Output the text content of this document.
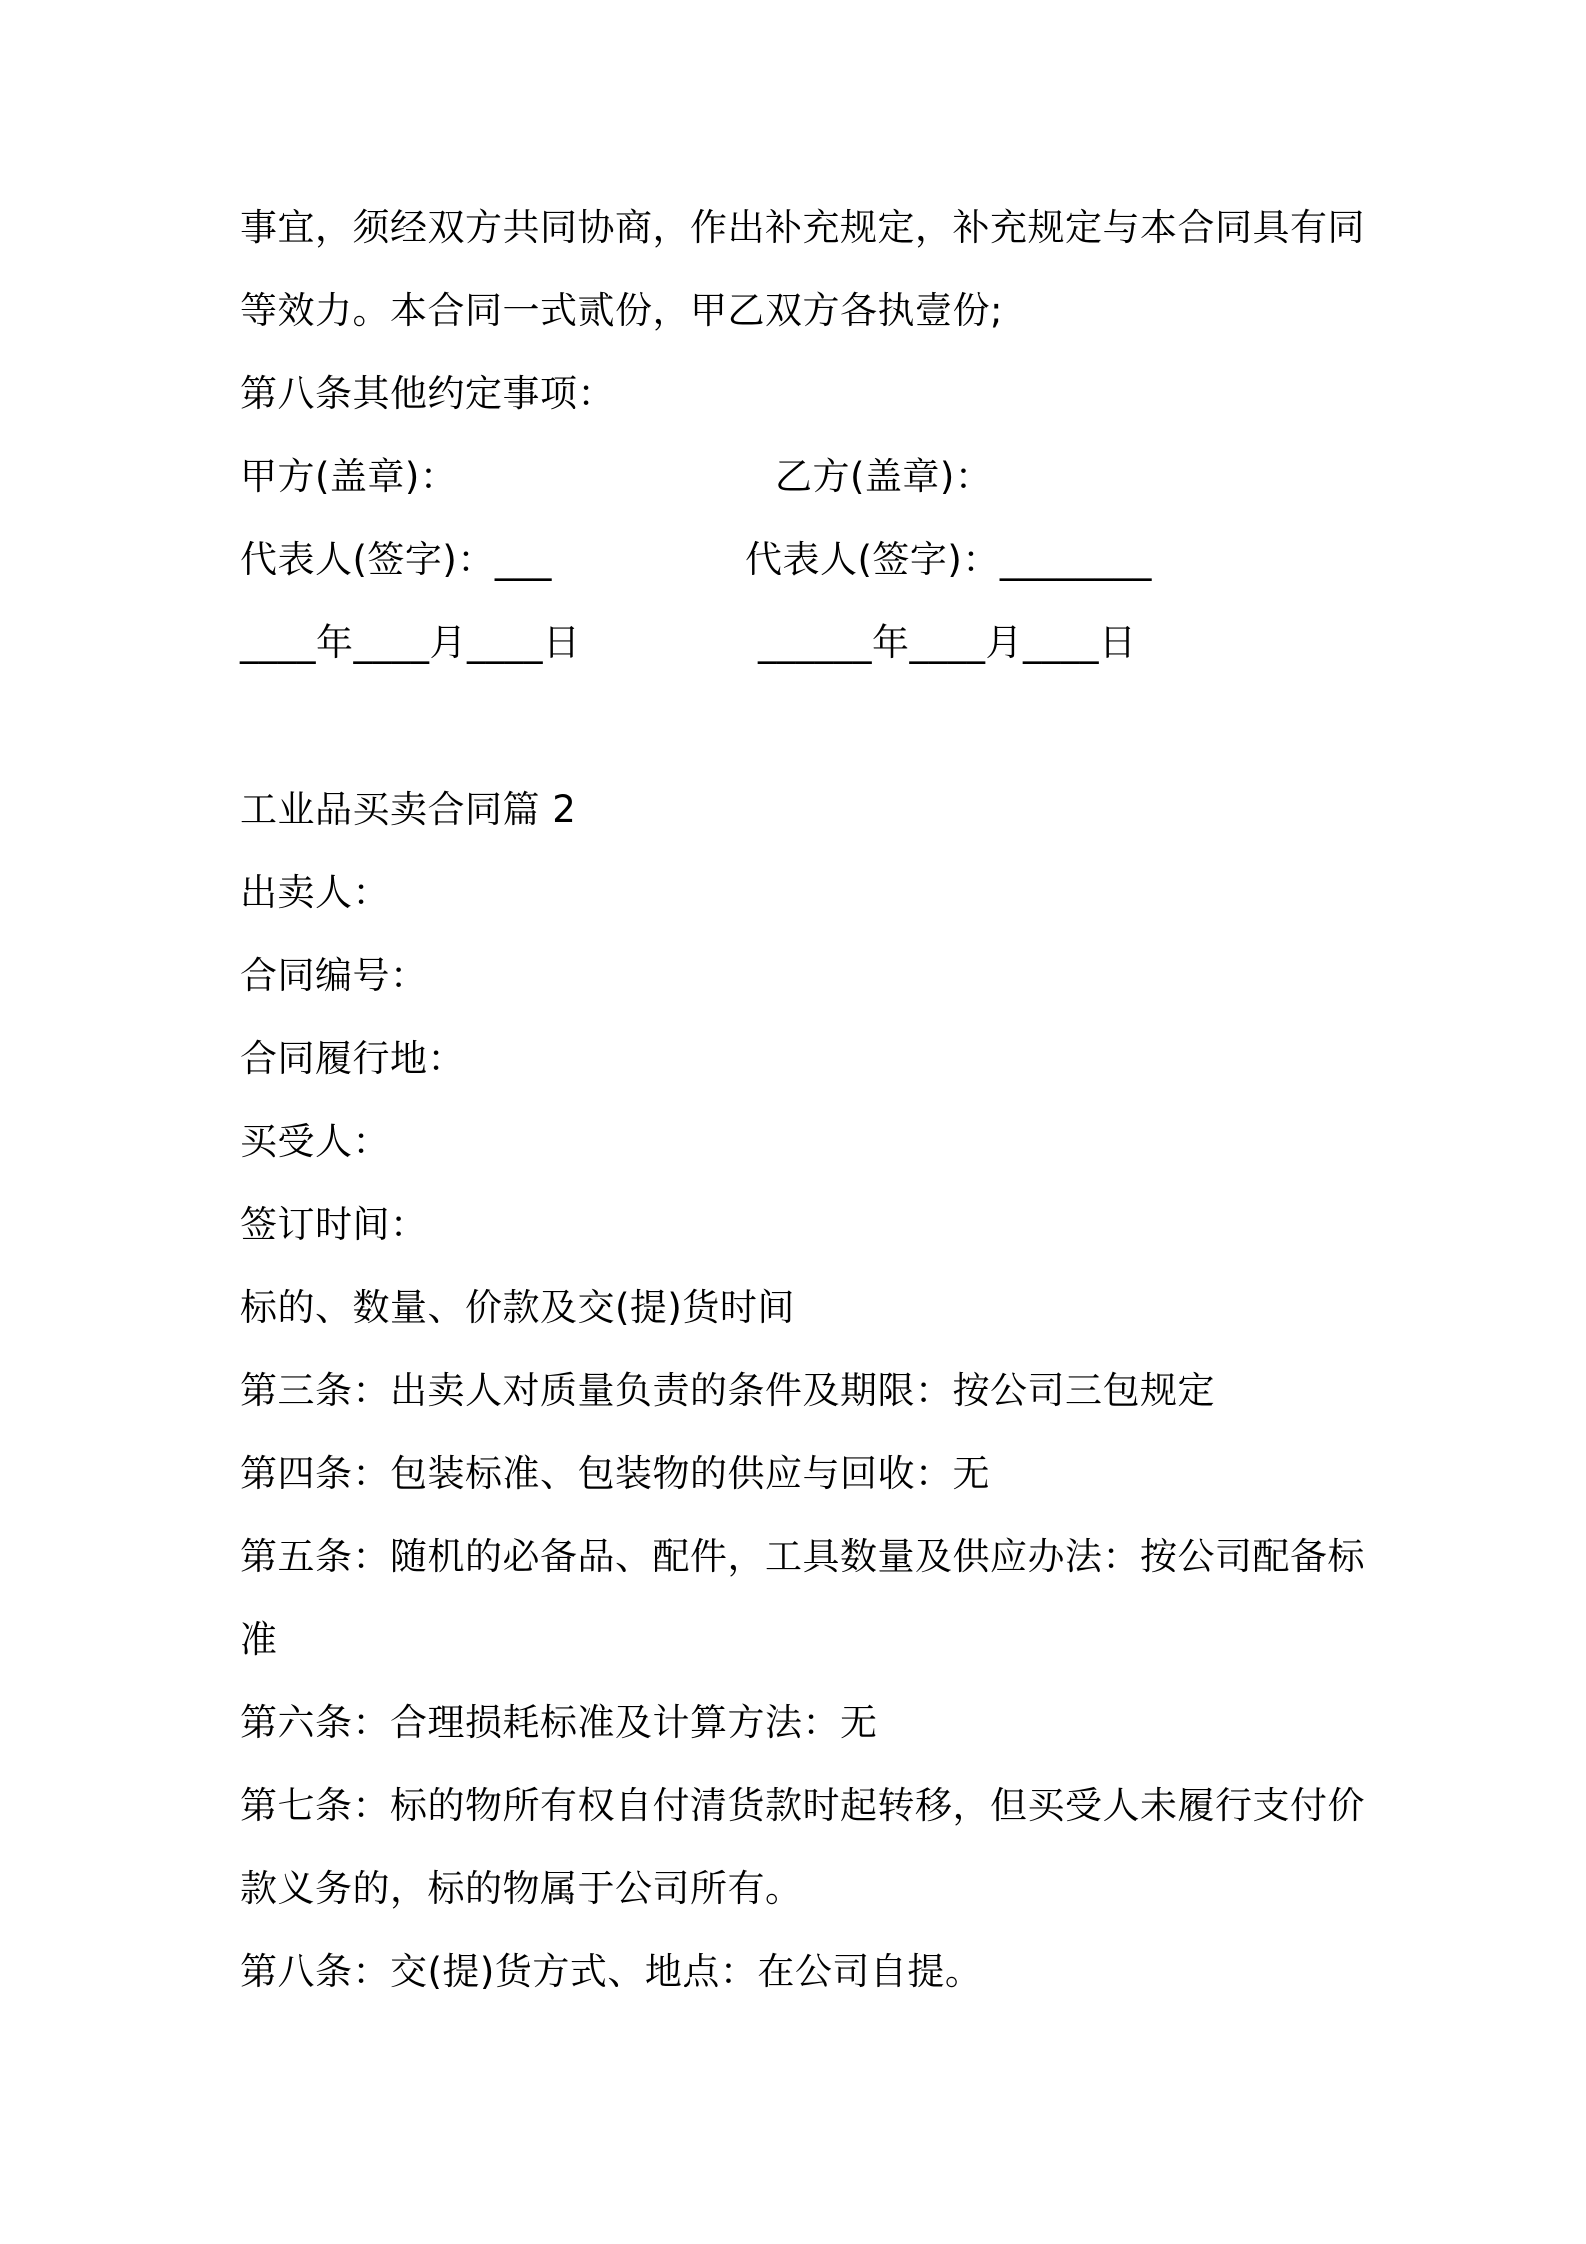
事宜，须经双方共同协商，作出补充规定，补充规定与本合同具有同
等效力。本合同一式贰份，甲乙双方各执壹份;
第八条其他约定事项：
甲方(盖章)：	乙方(盖章)：
代表人(签字)：___	代表人(签字)：________
____年____月____日	______年____月____日
工业品买卖合同篇 2
出卖人：
合同编号：
合同履行地：
买受人：
签订时间：
标的、数量、价款及交(提)货时间
第三条：出卖人对质量负责的条件及期限：按公司三包规定
第四条：包装标准、包装物的供应与回收：无
第五条：随机的必备品、配件，工具数量及供应办法：按公司配备标
准
第六条：合理损耗标准及计算方法：无
第七条：标的物所有权自付清货款时起转移，但买受人未履行支付价
款义务的，标的物属于公司所有。
第八条：交(提)货方式、地点：在公司自提。
